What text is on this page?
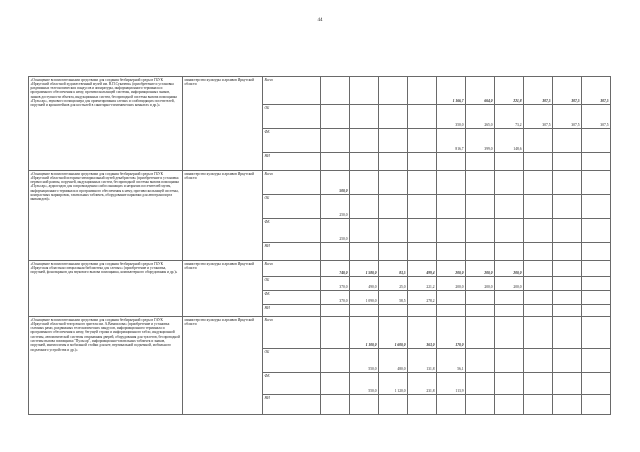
44
«Оснащение вспомогательными средствами для создания безбарьерной среды в ГБУК «Иркутский областной художественный музей им. В.П.Сукачева» (приобретение и установка раздвижных телескопических пандусов и аппаратуры, информационного терминала и программного обеспечения к нему, противоскользящей системы, информационных знаков, знаков доступности объекта, индукционных систем, беспроводной системы вызова помощника «Пульсар», звукового позиционера для ориентирования слепых и слабовидящих посетителей, поручней и кронштейнов для костылей в санитарно-гигиенических комнатах и др.)»	министерство культуры и архивов Иркутской области	Всего					1 166,7	664,0	221,8	307,5	307,5	307,5
		ОБ					350,0	265,0	73,2	307,5	307,5	307,5
		ФБ					816,7	399,0	148,6			
		НИ										
«Оснащение вспомогательными средствами для создания безбарьерной среды в ГБУК «Иркутский областной историко-мемориальный музей декабристов» (приобретение и установка переносной рампы, поручней, индукционных систем, беспроводной системы вызова помощника «Пульсар», аудиогидов для сопровождения слабослышащих и незрячих посетителей музея, информационного терминала и программного обеспечения к нему, противоскользящей системы, контрастных маркировок, тактильных табличек, оборудование парковки для автотранспорта инвалидов)»	министерство культуры и архивов Иркутской области	Всего	500,0									
		ОБ	250,0									
		ФБ	250,0									
		НИ										
«Оснащение вспомогательными средствами для создания безбарьерной среды в ГБУК «Иркутская областная специальная библиотека для слепых» (приобретение и установка, поручней, фоноэкранов для звукового вызова помощника, компьютерного оборудования и др.)»	министерство культуры и архивов Иркутской области	Всего	740,0	1 580,0	83,5	499,4	200,0	200,0	200,0			
		ОБ	370,0	490,0	25,0	221,2	200,0	200,0	200,0			
		ФБ	370,0	1 090,0	58,5	278,2						
		НИ										
«Оснащение вспомогательными средствами для создания безбарьерной среды в ГАУК «Иркутский областной театр юного зрителя им. А.Вампилова» (приобретение и установка съемных рамп, раздвижных телескопических пандусов, информационного терминала и программного обеспечения к нему, бегущей строки и информационного табло, индукционной системы, автоматической системы открывания дверей, оборудования для туалетов, беспроводной системы вызова помощника "Пульсар", информационно-тактильных табличек и знаков, поручней, мнемосхемы и мобильной стойки для нее, вертикальной подъемной, мобильного подъемного устройства и др.)»	министерство культуры и архивов Иркутской области	Всего		1 100,0	1 600,0	363,0	170,0					
		ОБ		550,0	480,0	131,8	56,1					
		ФБ		550,0	1 120,0	231,8	113,9					
		НИ										
